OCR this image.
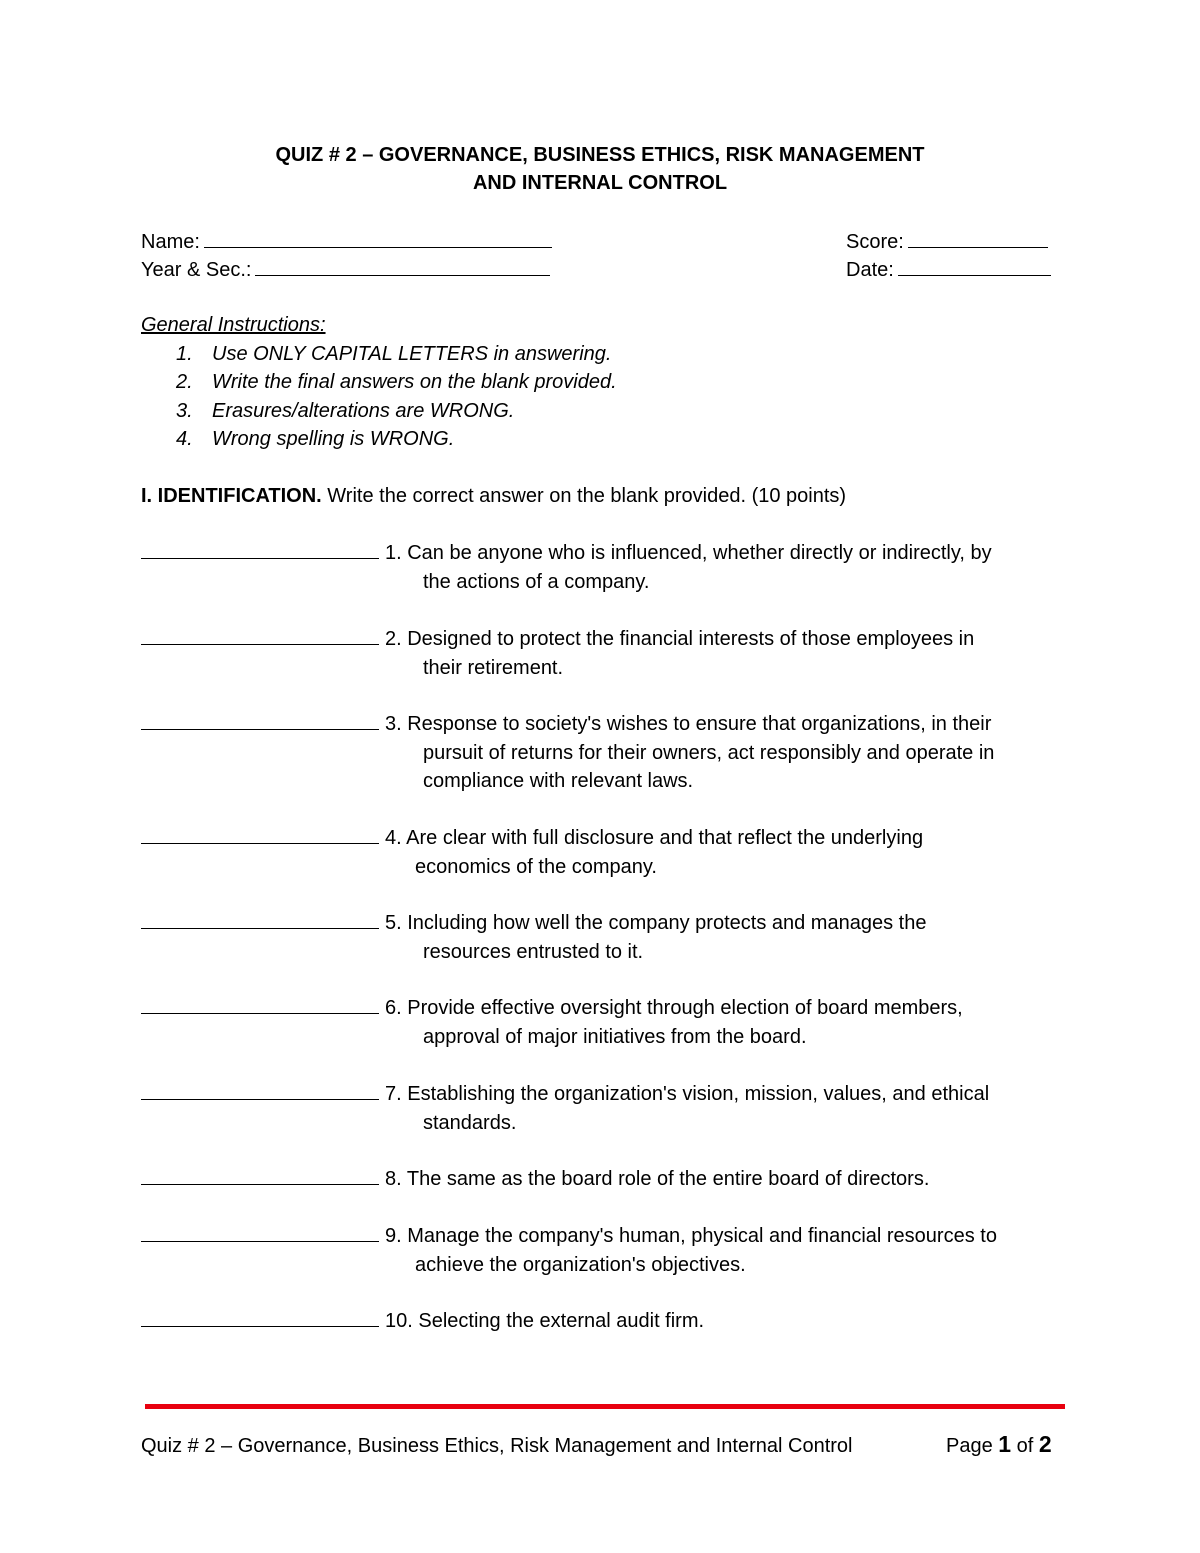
QUIZ # 2 – GOVERNANCE, BUSINESS ETHICS, RISK MANAGEMENT
AND INTERNAL CONTROL
Name:
Year & Sec.:
Score:
Date:
General Instructions:
1. Use ONLY CAPITAL LETTERS in answering.
2. Write the final answers on the blank provided.
3. Erasures/alterations are WRONG.
4. Wrong spelling is WRONG.
I. IDENTIFICATION. Write the correct answer on the blank provided. (10 points)
1. Can be anyone who is influenced, whether directly or indirectly, by
the actions of a company.
2. Designed to protect the financial interests of those employees in
their retirement.
3. Response to society's wishes to ensure that organizations, in their
pursuit of returns for their owners, act responsibly and operate in
compliance with relevant laws.
4. Are clear with full disclosure and that reflect the underlying
economics of the company.
5. Including how well the company protects and manages the
resources entrusted to it.
6. Provide effective oversight through election of board members,
approval of major initiatives from the board.
7. Establishing the organization's vision, mission, values, and ethical
standards.
8. The same as the board role of the entire board of directors.
9. Manage the company's human, physical and financial resources to
achieve the organization's objectives.
10. Selecting the external audit firm.
Quiz # 2 – Governance, Business Ethics, Risk Management and Internal Control	Page 1 of 2
